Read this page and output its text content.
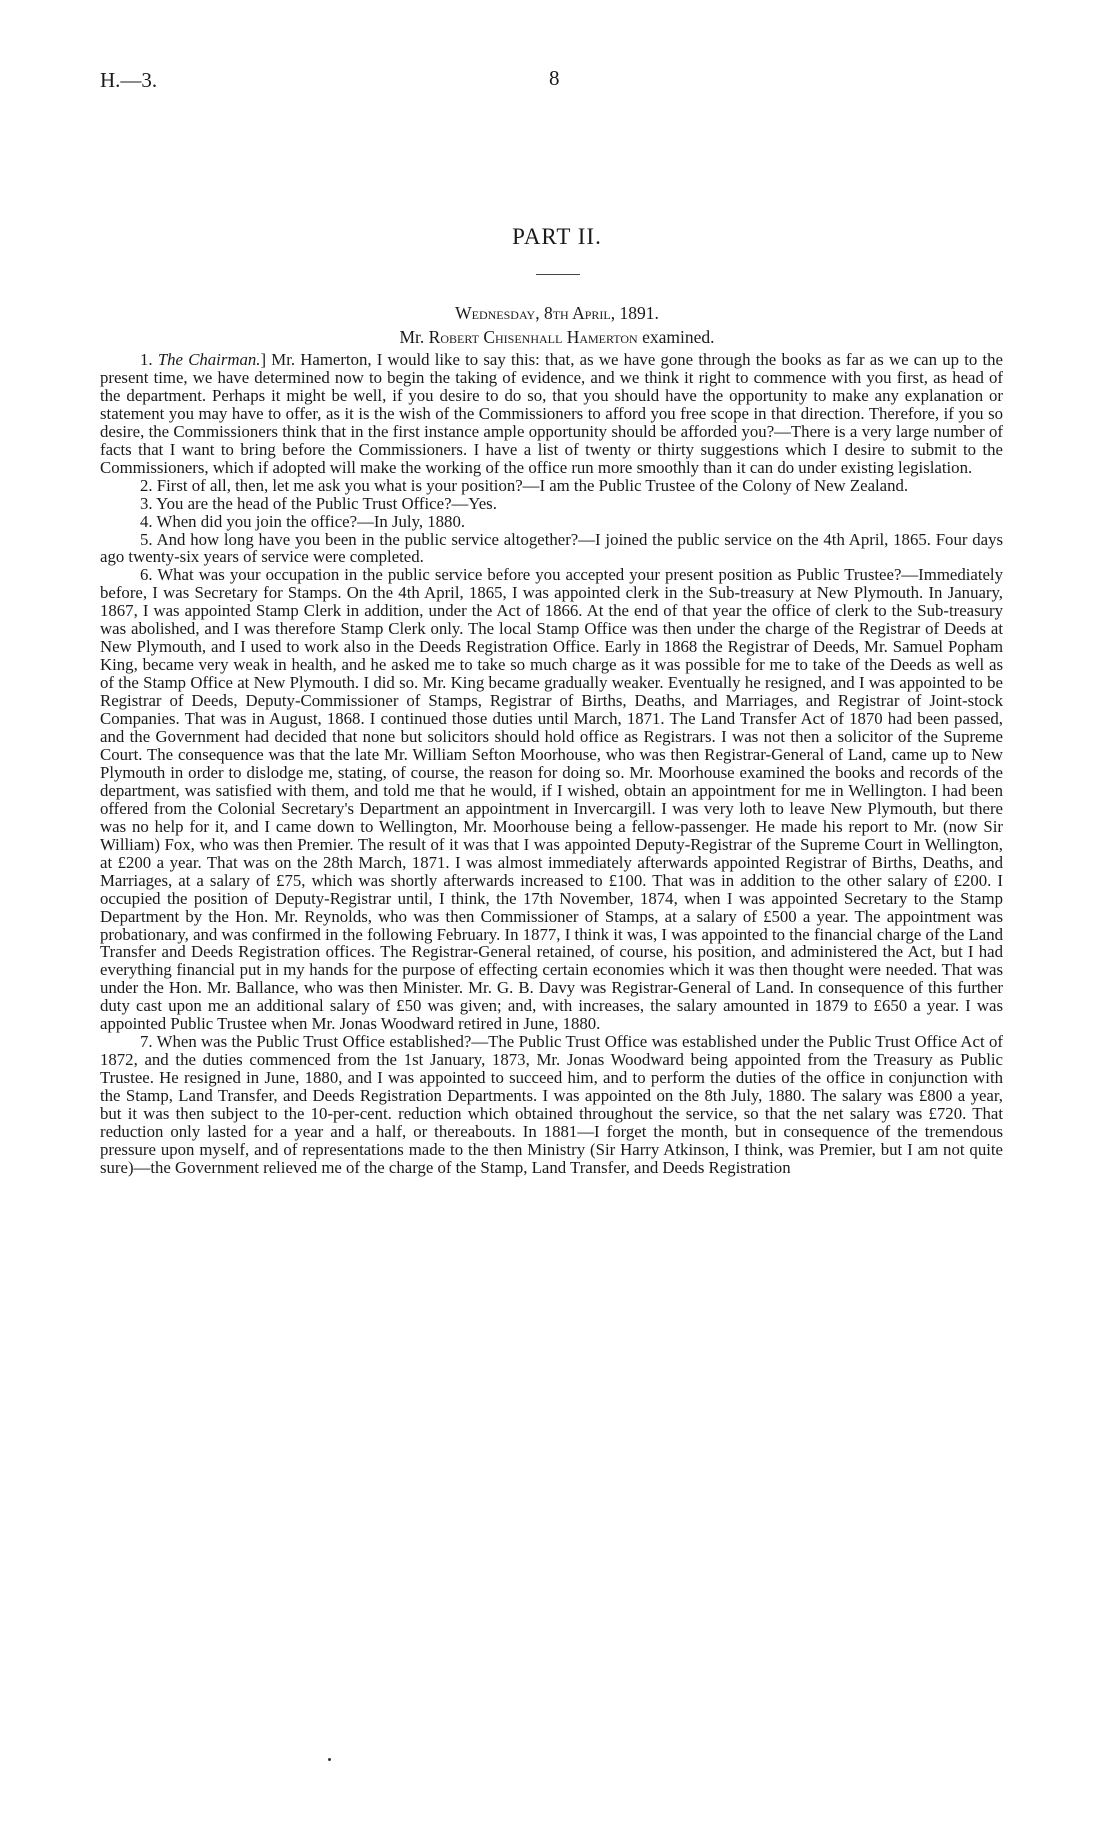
H.—3.	8
PART II.
Wednesday, 8th April, 1891.
Mr. Robert Chisenhall Hamerton examined.

1. The Chairman.] Mr. Hamerton, I would like to say this: that, as we have gone through the books as far as we can up to the present time, we have determined now to begin the taking of evidence, and we think it right to commence with you first, as head of the department. Perhaps it might be well, if you desire to do so, that you should have the opportunity to make any explanation or statement you may have to offer, as it is the wish of the Commissioners to afford you free scope in that direction. Therefore, if you so desire, the Commissioners think that in the first instance ample opportunity should be afforded you?—There is a very large number of facts that I want to bring before the Commissioners. I have a list of twenty or thirty suggestions which I desire to submit to the Commissioners, which if adopted will make the working of the office run more smoothly than it can do under existing legislation.

2. First of all, then, let me ask you what is your position?—I am the Public Trustee of the Colony of New Zealand.

3. You are the head of the Public Trust Office?—Yes.

4. When did you join the office?—In July, 1880.

5. And how long have you been in the public service altogether?—I joined the public service on the 4th April, 1865. Four days ago twenty-six years of service were completed.

6. What was your occupation in the public service before you accepted your present position as Public Trustee?—Immediately before, I was Secretary for Stamps. On the 4th April, 1865, I was appointed clerk in the Sub-treasury at New Plymouth. In January, 1867, I was appointed Stamp Clerk in addition, under the Act of 1866. At the end of that year the office of clerk to the Sub-treasury was abolished, and I was therefore Stamp Clerk only. The local Stamp Office was then under the charge of the Registrar of Deeds at New Plymouth, and I used to work also in the Deeds Registration Office. Early in 1868 the Registrar of Deeds, Mr. Samuel Popham King, became very weak in health, and he asked me to take so much charge as it was possible for me to take of the Deeds as well as of the Stamp Office at New Plymouth. I did so. Mr. King became gradually weaker. Eventually he resigned, and I was appointed to be Registrar of Deeds, Deputy-Commissioner of Stamps, Registrar of Births, Deaths, and Marriages, and Registrar of Joint-stock Companies. That was in August, 1868. I continued those duties until March, 1871. The Land Transfer Act of 1870 had been passed, and the Government had decided that none but solicitors should hold office as Registrars. I was not then a solicitor of the Supreme Court. The consequence was that the late Mr. William Sefton Moorhouse, who was then Registrar-General of Land, came up to New Plymouth in order to dislodge me, stating, of course, the reason for doing so. Mr. Moorhouse examined the books and records of the department, was satisfied with them, and told me that he would, if I wished, obtain an appointment for me in Wellington. I had been offered from the Colonial Secretary's Department an appointment in Invercargill. I was very loth to leave New Plymouth, but there was no help for it, and I came down to Wellington, Mr. Moorhouse being a fellow-passenger. He made his report to Mr. (now Sir William) Fox, who was then Premier. The result of it was that I was appointed Deputy-Registrar of the Supreme Court in Wellington, at £200 a year. That was on the 28th March, 1871. I was almost immediately afterwards appointed Registrar of Births, Deaths, and Marriages, at a salary of £75, which was shortly afterwards increased to £100. That was in addition to the other salary of £200. I occupied the position of Deputy-Registrar until, I think, the 17th November, 1874, when I was appointed Secretary to the Stamp Department by the Hon. Mr. Reynolds, who was then Commissioner of Stamps, at a salary of £500 a year. The appointment was probationary, and was confirmed in the following February. In 1877, I think it was, I was appointed to the financial charge of the Land Transfer and Deeds Registration offices. The Registrar-General retained, of course, his position, and administered the Act, but I had everything financial put in my hands for the purpose of effecting certain economies which it was then thought were needed. That was under the Hon. Mr. Ballance, who was then Minister. Mr. G. B. Davy was Registrar-General of Land. In consequence of this further duty cast upon me an additional salary of £50 was given; and, with increases, the salary amounted in 1879 to £650 a year. I was appointed Public Trustee when Mr. Jonas Woodward retired in June, 1880.

7. When was the Public Trust Office established?—The Public Trust Office was established under the Public Trust Office Act of 1872, and the duties commenced from the 1st January, 1873, Mr. Jonas Woodward being appointed from the Treasury as Public Trustee. He resigned in June, 1880, and I was appointed to succeed him, and to perform the duties of the office in conjunction with the Stamp, Land Transfer, and Deeds Registration Departments. I was appointed on the 8th July, 1880. The salary was £800 a year, but it was then subject to the 10-per-cent. reduction which obtained throughout the service, so that the net salary was £720. That reduction only lasted for a year and a half, or thereabouts. In 1881—I forget the month, but in consequence of the tremendous pressure upon myself, and of representations made to the then Ministry (Sir Harry Atkinson, I think, was Premier, but I am not quite sure)—the Government relieved me of the charge of the Stamp, Land Transfer, and Deeds Registration
